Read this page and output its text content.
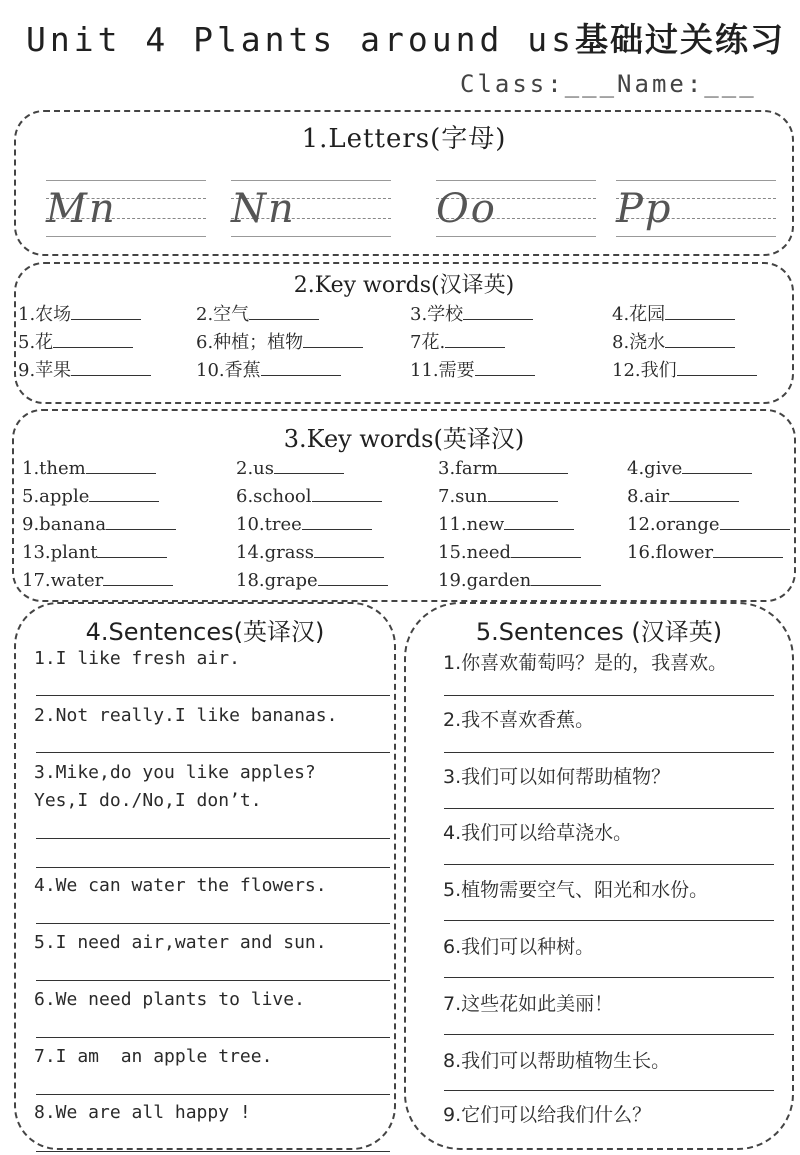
Unit 4 Plants around us基础过关练习
Class:___Name:___
1.Letters(字母)
Mn	Nn	Oo	Pp
2.Key words(汉译英)
1.农场	2.空气	3.学校	4.花园
5.花	6.种植；植物	7花.	8.浇水
9.苹果	10.香蕉	11.需要	12.我们
3.Key words(英译汉)
1.them	2.us	3.farm	4.give
5.apple	6.school	7.sun	8.air
9.banana	10.tree	11.new	12.orange
13.plant	14.grass	15.need	16.flower
17.water	18.grape	19.garden
4.Sentences(英译汉)
1.I like fresh air.
2.Not really.I like bananas.
3.Mike,do you like apples?
Yes,I do./No,I don’t.
4.We can water the flowers.
5.I need air,water and sun.
6.We need plants to live.
7.I am  an apple tree.
8.We are all happy !
5.Sentences (汉译英)
1.你喜欢葡萄吗？是的，我喜欢。
2.我不喜欢香蕉。
3.我们可以如何帮助植物？
4.我们可以给草浇水。
5.植物需要空气、阳光和水份。
6.我们可以种树。
7.这些花如此美丽！
8.我们可以帮助植物生长。
9.它们可以给我们什么？
